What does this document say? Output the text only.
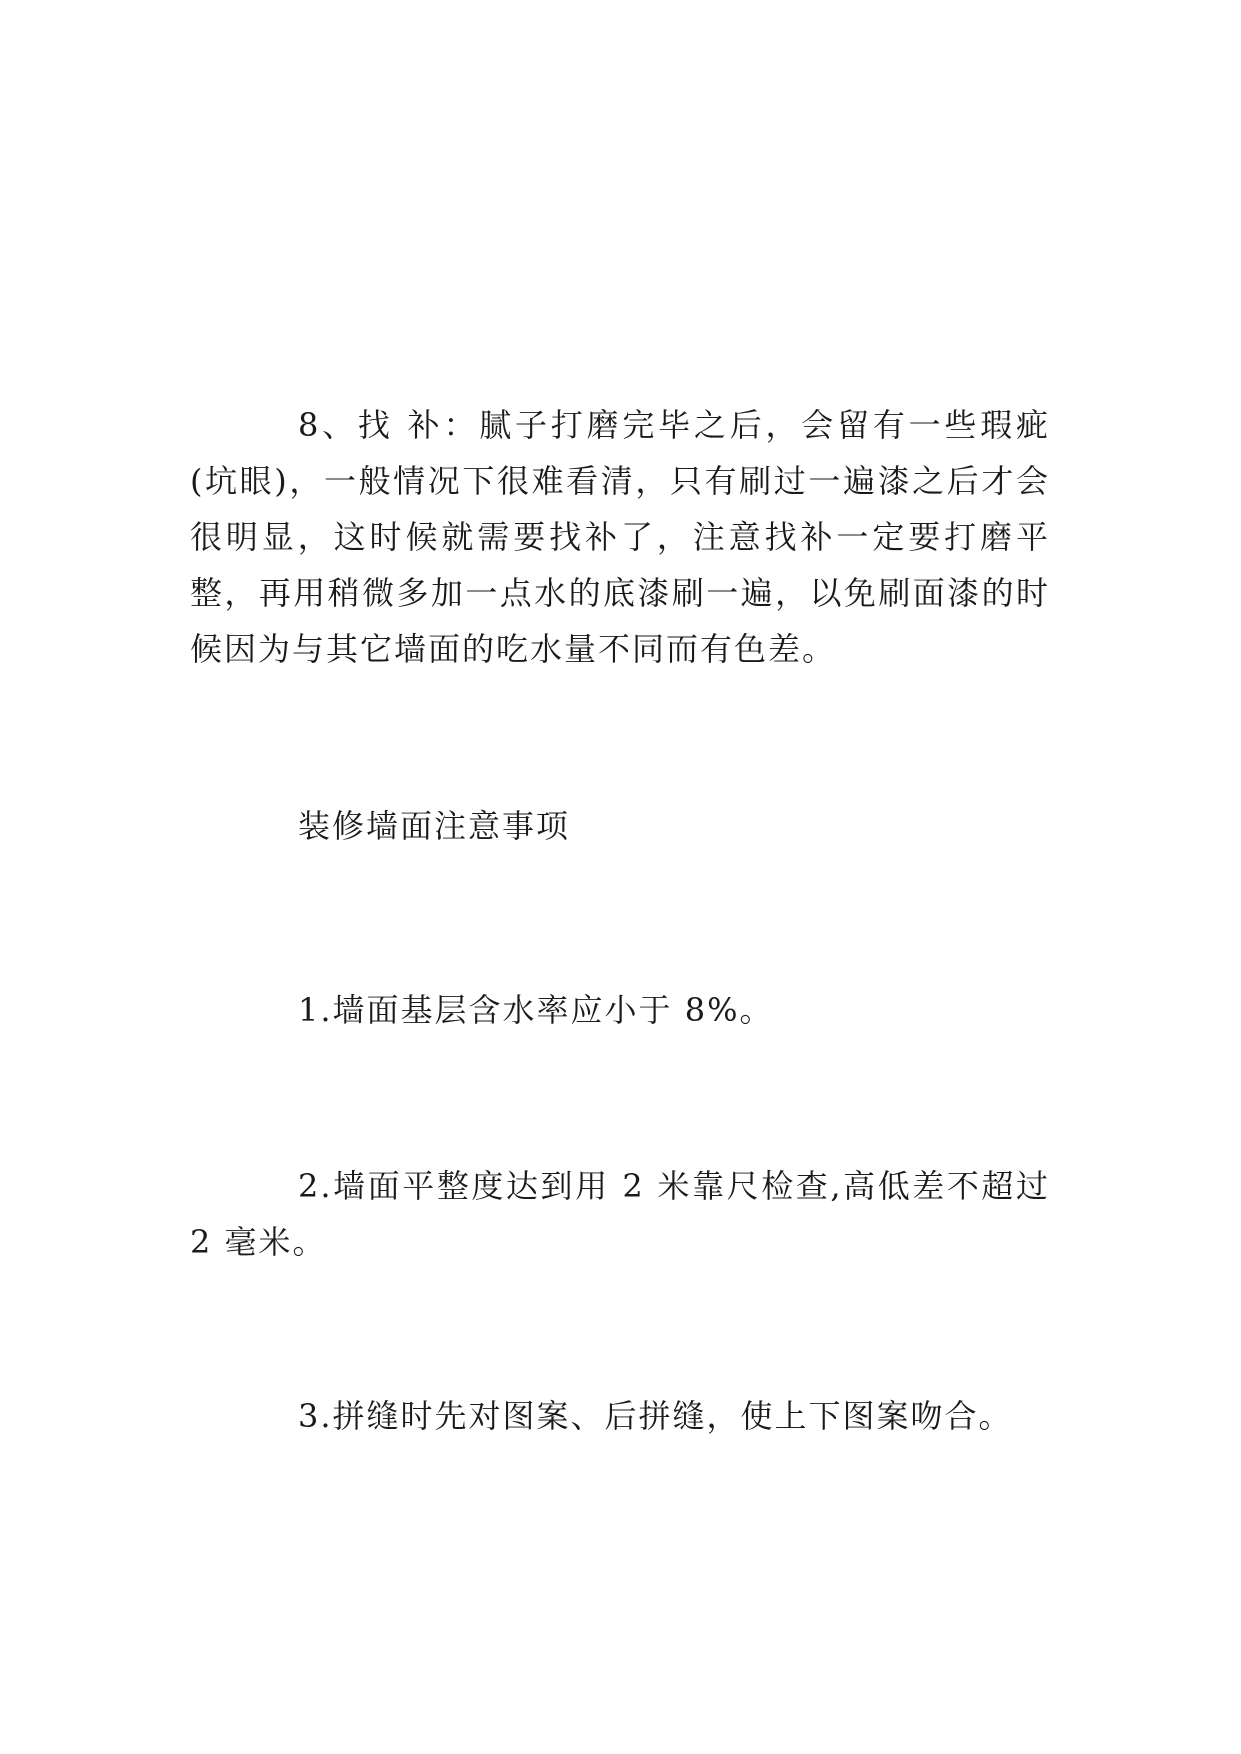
8、找 补：腻子打磨完毕之后，会留有一些瑕疵(坑眼)，一般情况下很难看清，只有刷过一遍漆之后才会很明显，这时候就需要找补了，注意找补一定要打磨平整，再用稍微多加一点水的底漆刷一遍，以免刷面漆的时候因为与其它墙面的吃水量不同而有色差。

装修墙面注意事项

1.墙面基层含水率应小于 8%。

2.墙面平整度达到用 2 米靠尺检查,高低差不超过 2 毫米。

3.拼缝时先对图案、后拼缝，使上下图案吻合。
